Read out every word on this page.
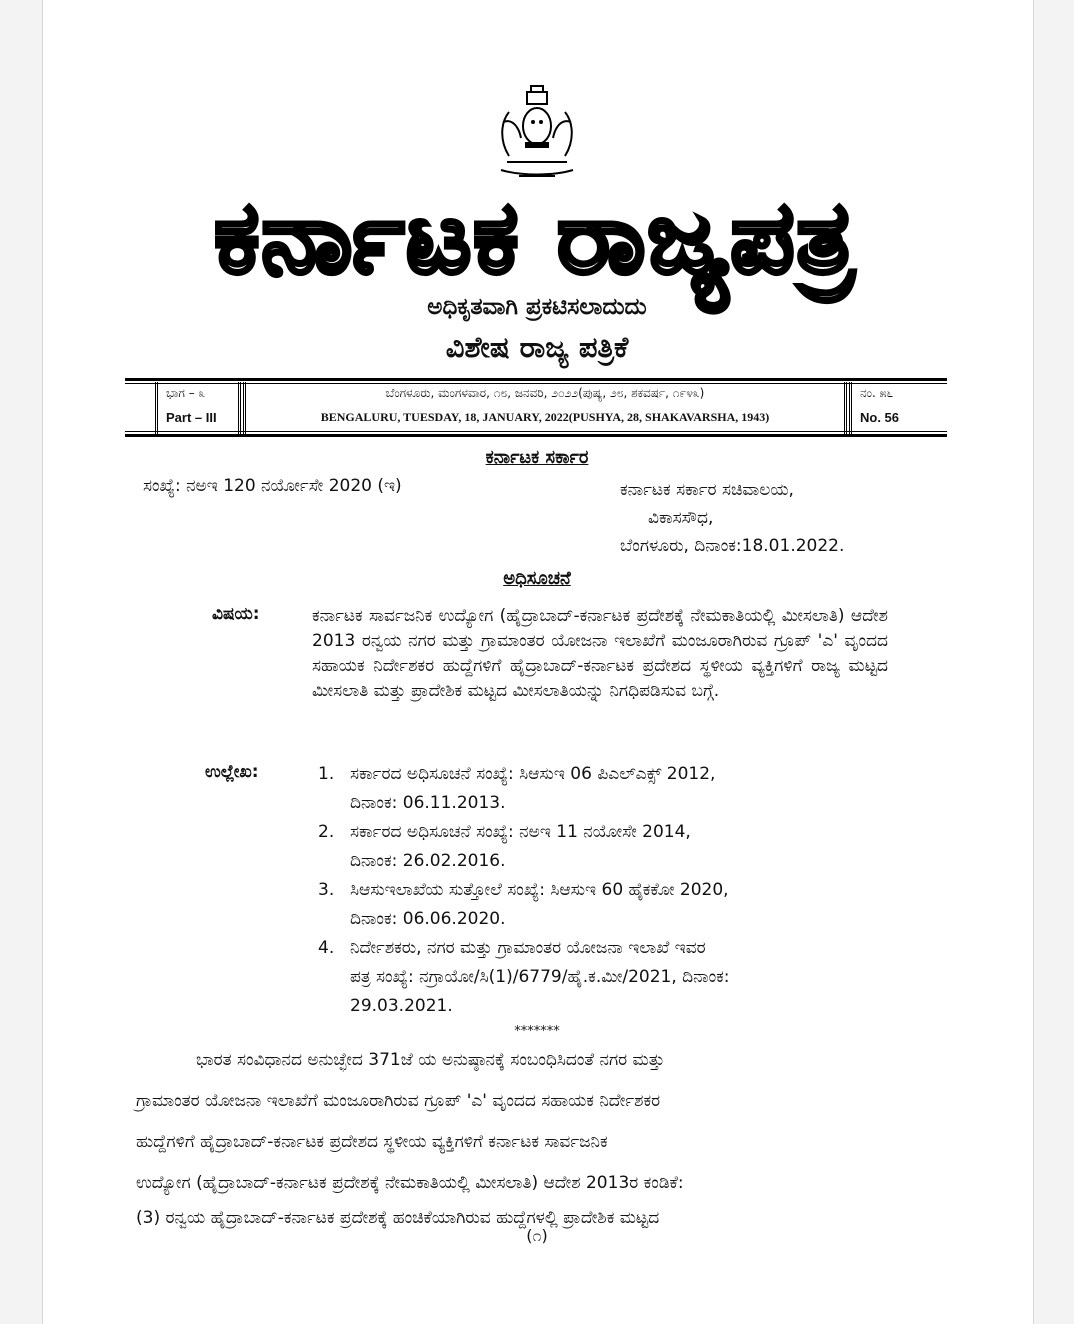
ಕರ್ನಾಟಕ ರಾಜ್ಯಪತ್ರ
ಅಧಿಕೃತವಾಗಿ ಪ್ರಕಟಿಸಲಾದುದು
ವಿಶೇಷ ರಾಜ್ಯ ಪತ್ರಿಕೆ
ಭಾಗ – ೩
Part – III
ಬೆಂಗಳೂರು, ಮಂಗಳವಾರ, ೧೮, ಜನವರಿ, ೨೦೨೨(ಪುಷ್ಯ, ೨೮, ಶಕವರ್ಷ, ೧೯೪೩)
BENGALURU, TUESDAY, 18, JANUARY, 2022(PUSHYA, 28, SHAKAVARSHA, 1943)
ನಂ. ೫೬
No. 56
ಕರ್ನಾಟಕ ಸರ್ಕಾರ
ಸಂಖ್ಯೆ: ನಅಇ 120 ನರ್ಯೋಸೇ 2020 (ಇ)	ಕರ್ನಾಟಕ ಸರ್ಕಾರ ಸಚಿವಾಲಯ,
ವಿಕಾಸಸೌಧ,
ಬೆಂಗಳೂರು, ದಿನಾಂಕ:18.01.2022.
ಅಧಿಸೂಚನೆ
ವಿಷಯ:	ಕರ್ನಾಟಕ ಸಾರ್ವಜನಿಕ ಉದ್ಯೋಗ (ಹೈದ್ರಾಬಾದ್-ಕರ್ನಾಟಕ ಪ್ರದೇಶಕ್ಕೆ ನೇಮಕಾತಿಯಲ್ಲಿ ಮೀಸಲಾತಿ) ಆದೇಶ 2013 ರನ್ವಯ ನಗರ ಮತ್ತು ಗ್ರಾಮಾಂತರ ಯೋಜನಾ ಇಲಾಖೆಗೆ ಮಂಜೂರಾಗಿರುವ ಗ್ರೂಪ್ 'ಎ' ವೃಂದದ ಸಹಾಯಕ ನಿರ್ದೇಶಕರ ಹುದ್ದೆಗಳಿಗೆ ಹೈದ್ರಾಬಾದ್-ಕರ್ನಾಟಕ ಪ್ರದೇಶದ ಸ್ಥಳೀಯ ವ್ಯಕ್ತಿಗಳಿಗೆ ರಾಜ್ಯ ಮಟ್ಟದ ಮೀಸಲಾತಿ ಮತ್ತು ಪ್ರಾದೇಶಿಕ ಮಟ್ಟದ ಮೀಸಲಾತಿಯನ್ನು ನಿಗಧಿಪಡಿಸುವ ಬಗ್ಗೆ.
ಉಲ್ಲೇಖ:	1. ಸರ್ಕಾರದ ಅಧಿಸೂಚನೆ ಸಂಖ್ಯೆ: ಸಿಆಸುಇ 06 ಪಿಎಲ್ಎಕ್ಸ್ 2012,
ದಿನಾಂಕ: 06.11.2013.
2. ಸರ್ಕಾರದ ಅಧಿಸೂಚನೆ ಸಂಖ್ಯೆ: ನಅಇ 11 ನಯೋಸೇ 2014,
ದಿನಾಂಕ: 26.02.2016.
3. ಸಿಆಸುಇಲಾಖೆಯ ಸುತ್ತೋಲೆ ಸಂಖ್ಯೆ: ಸಿಆಸುಇ 60 ಹೈಕಕೋ 2020,
ದಿನಾಂಕ: 06.06.2020.
4. ನಿರ್ದೇಶಕರು, ನಗರ ಮತ್ತು ಗ್ರಾಮಾಂತರ ಯೋಜನಾ ಇಲಾಖೆ ಇವರ
ಪತ್ರ ಸಂಖ್ಯೆ: ನಗ್ರಾಯೋ/ಸಿ(1)/6779/ಹೈ.ಕ.ಮೀ/2021, ದಿನಾಂಕ:
29.03.2021.
*******
ಭಾರತ ಸಂವಿಧಾನದ ಅನುಚ್ಛೇದ 371ಜೆ ಯ ಅನುಷ್ಠಾನಕ್ಕೆ ಸಂಬಂಧಿಸಿದಂತೆ ನಗರ ಮತ್ತು
ಗ್ರಾಮಾಂತರ ಯೋಜನಾ ಇಲಾಖೆಗೆ ಮಂಜೂರಾಗಿರುವ ಗ್ರೂಪ್ 'ಎ' ವೃಂದದ ಸಹಾಯಕ ನಿರ್ದೇಶಕರ
ಹುದ್ದೆಗಳಿಗೆ ಹೈದ್ರಾಬಾದ್-ಕರ್ನಾಟಕ ಪ್ರದೇಶದ ಸ್ಥಳೀಯ ವ್ಯಕ್ತಿಗಳಿಗೆ ಕರ್ನಾಟಕ ಸಾರ್ವಜನಿಕ
ಉದ್ಯೋಗ (ಹೈದ್ರಾಬಾದ್-ಕರ್ನಾಟಕ ಪ್ರದೇಶಕ್ಕೆ ನೇಮಕಾತಿಯಲ್ಲಿ ಮೀಸಲಾತಿ) ಆದೇಶ 2013ರ ಕಂಡಿಕೆ:
(3) ರನ್ವಯ ಹೈದ್ರಾಬಾದ್-ಕರ್ನಾಟಕ ಪ್ರದೇಶಕ್ಕೆ ಹಂಚಿಕೆಯಾಗಿರುವ ಹುದ್ದೆಗಳಲ್ಲಿ ಪ್ರಾದೇಶಿಕ ಮಟ್ಟದ
(೧)
